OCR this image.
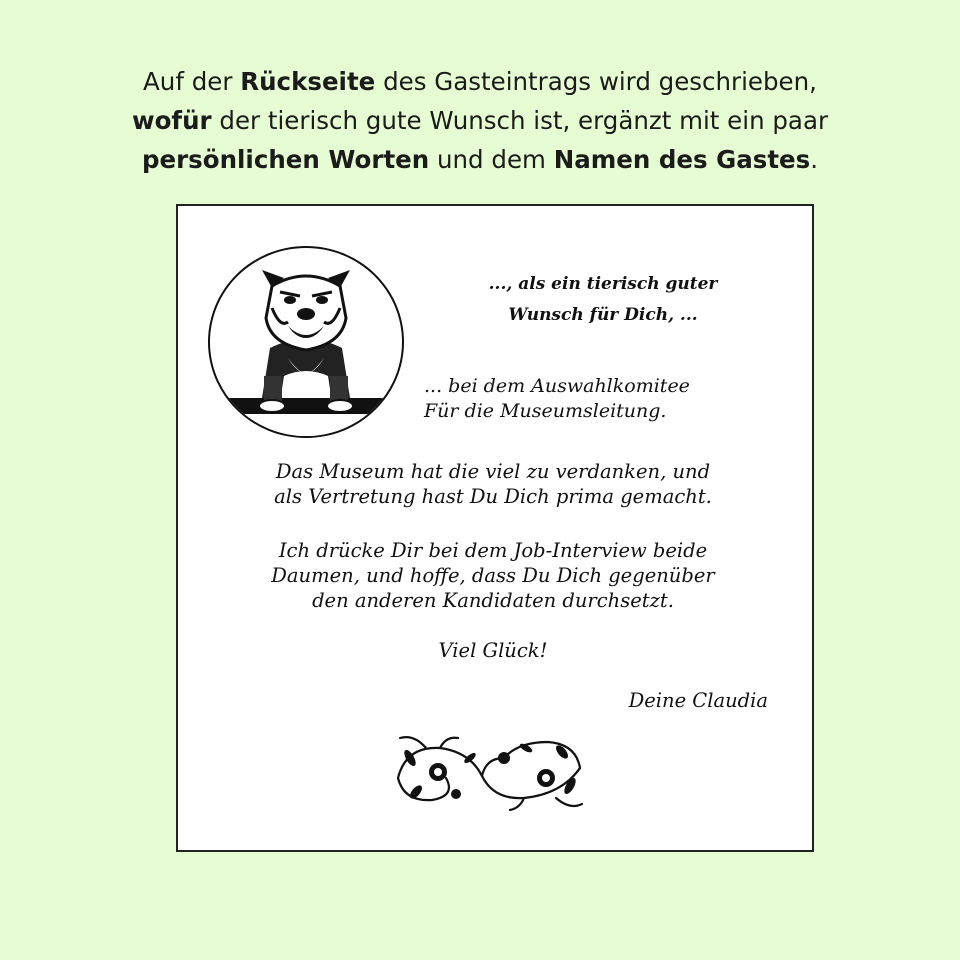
Auf der Rückseite des Gasteintrags wird geschrieben,
wofür der tierisch gute Wunsch ist, ergänzt mit ein paar
persönlichen Worten und dem Namen des Gastes.
..., als ein tierisch guter
Wunsch für Dich, ...
... bei dem Auswahlkomitee
Für die Museumsleitung.
Das Museum hat die viel zu verdanken, und
als Vertretung hast Du Dich prima gemacht.
Ich drücke Dir bei dem Job-Interview beide
Daumen, und hoffe, dass Du Dich gegenüber
den anderen Kandidaten durchsetzt.
Viel Glück!
Deine Claudia
